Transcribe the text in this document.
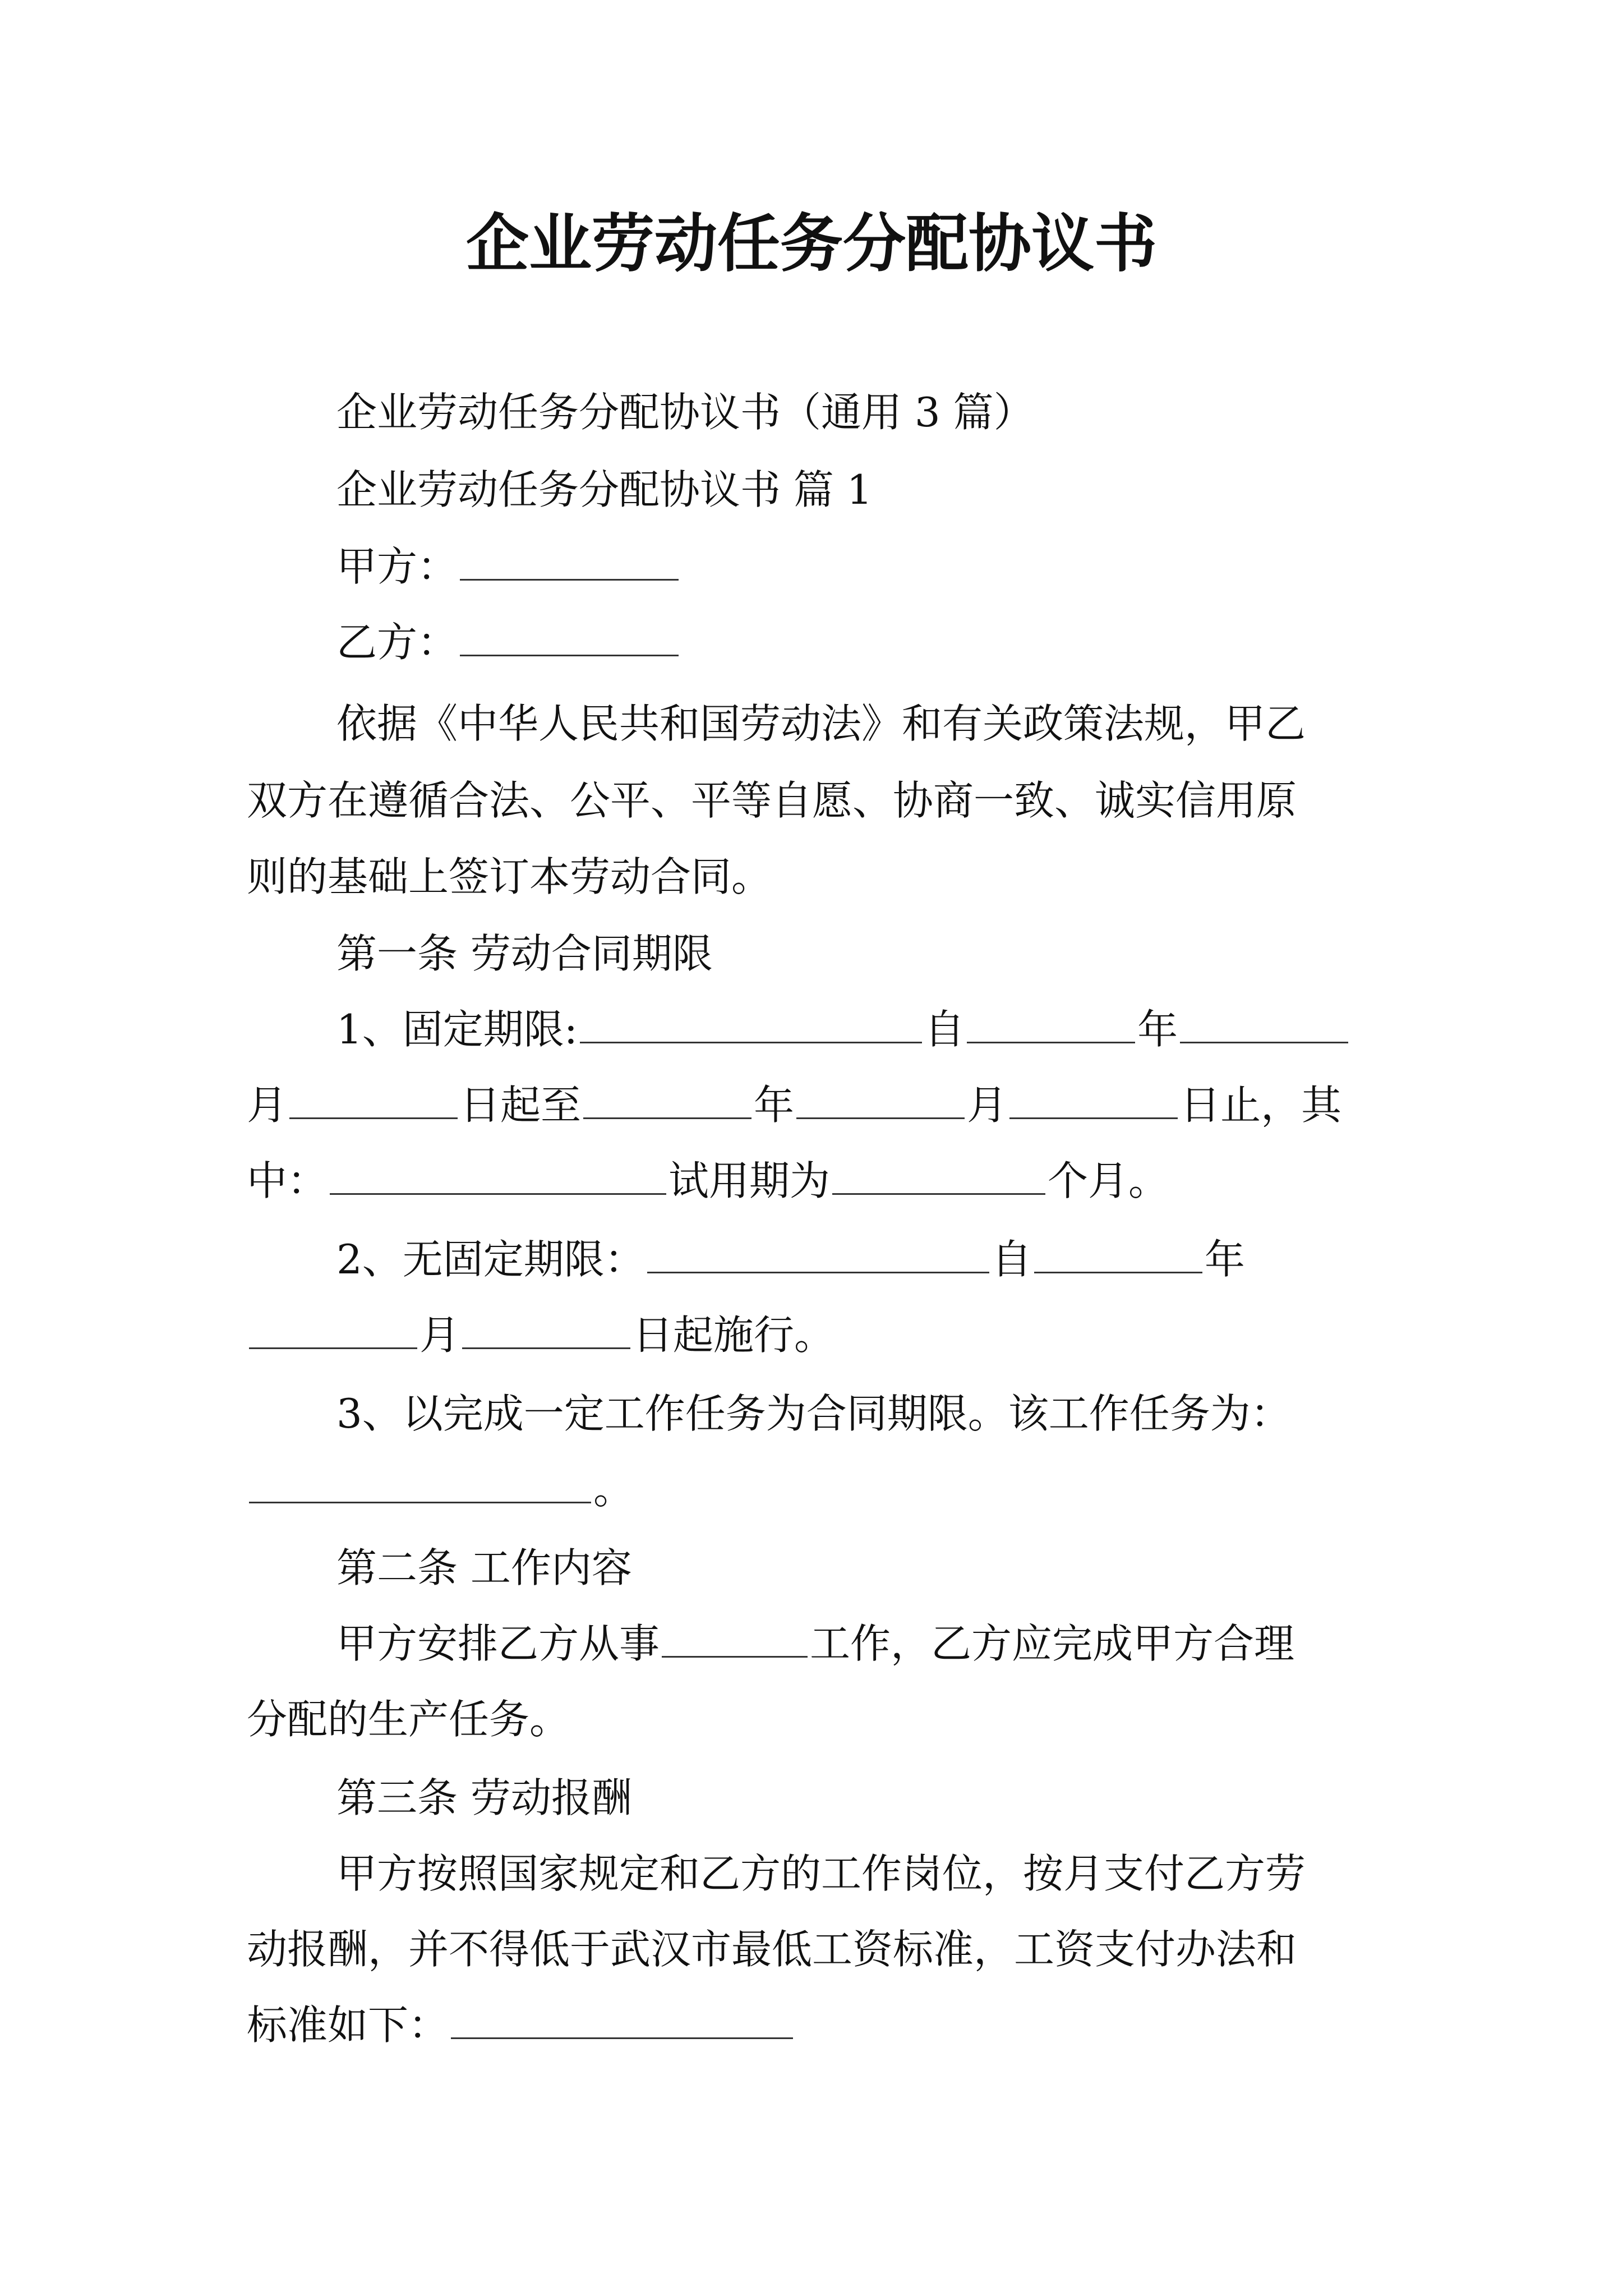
企业劳动任务分配协议书
企业劳动任务分配协议书（通用 3 篇）
企业劳动任务分配协议书 篇 1
甲方：
乙方：
依据《中华人民共和国劳动法》和有关政策法规，甲乙
双方在遵循合法、公平、平等自愿、协商一致、诚实信用原
则的基础上签订本劳动合同。
第一条 劳动合同期限
1、固定期限:	自	年
月	日起至	年	月	日止，其
中：	试用期为	个月。
2、无固定期限：	自	年
月	日起施行。
3、以完成一定工作任务为合同期限。该工作任务为：
。
第二条 工作内容
甲方安排乙方从事	工作，乙方应完成甲方合理
分配的生产任务。
第三条 劳动报酬
甲方按照国家规定和乙方的工作岗位，按月支付乙方劳
动报酬，并不得低于武汉市最低工资标准，工资支付办法和
标准如下：
